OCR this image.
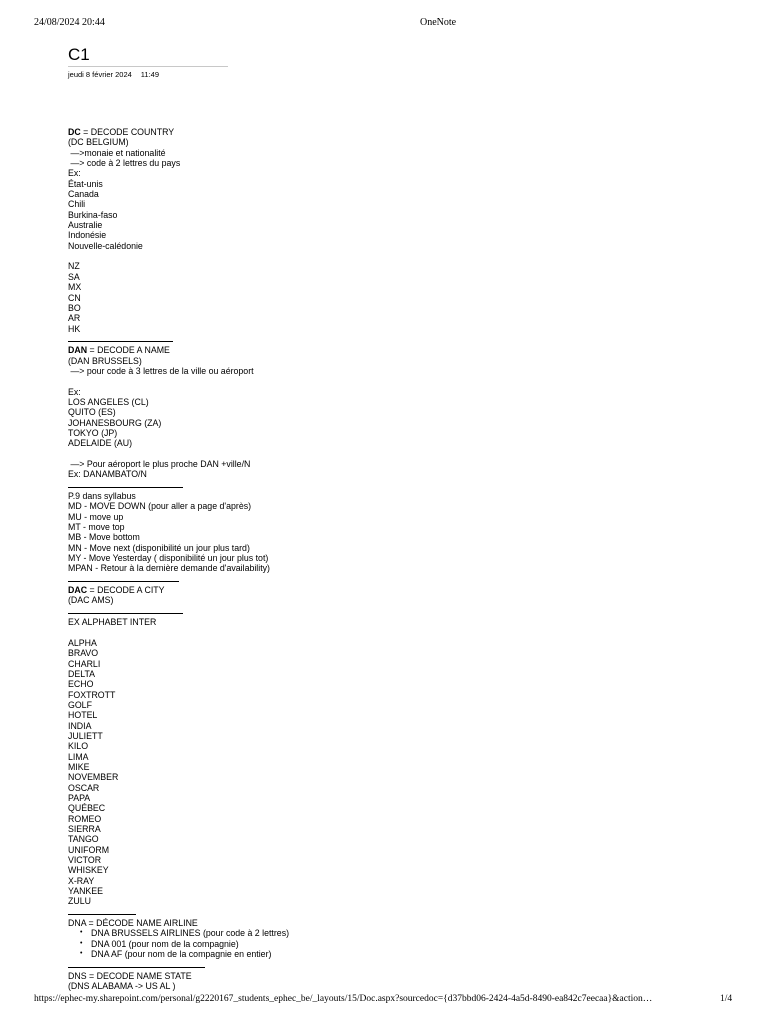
24/08/2024 20:44	OneNote
C1
jeudi 8 février 2024 11:49
DC = DECODE COUNTRY
(DC BELGIUM)
—>monaie et nationalité
—> code à 2 lettres du pays
Ex:
État-unis
Canada
Chili
Burkina-faso
Australie
Indonésie
Nouvelle-calédonie
NZ
SA
MX
CN
BO
AR
HK
DAN = DECODE A NAME
(DAN BRUSSELS)
—> pour code à 3 lettres de la ville ou aéroport
Ex:
LOS ANGELES (CL)
QUITO (ES)
JOHANESBOURG (ZA)
TOKYO (JP)
ADELAIDE (AU)
—> Pour aéroport le plus proche DAN +ville/N
Ex: DANAMBATO/N
P.9 dans syllabus
MD - MOVE DOWN (pour aller a page d'après)
MU - move up
MT - move top
MB - Move bottom
MN - Move next (disponibilité un jour plus tard)
MY - Move Yesterday ( disponibilité un jour plus tot)
MPAN - Retour à la dernière demande d'availability)
DAC = DECODE A CITY
(DAC AMS)
EX ALPHABET INTER
ALPHA
BRAVO
CHARLI
DELTA
ECHO
FOXTROTT
GOLF
HOTEL
INDIA
JULIETT
KILO
LIMA
MIKE
NOVEMBER
OSCAR
PAPA
QUÉBEC
ROMEO
SIERRA
TANGO
UNIFORM
VICTOR
WHISKEY
X-RAY
YANKEE
ZULU
DNA = DÉCODE NAME AIRLINE
• DNA BRUSSELS AIRLINES (pour code à 2 lettres)
• DNA 001 (pour nom de la compagnie)
• DNA AF (pour nom de la compagnie en entier)
DNS = DECODE NAME STATE
(DNS ALABAMA -> US AL )
https://ephec-my.sharepoint.com/personal/g2220167_students_ephec_be/_layouts/15/Doc.aspx?sourcedoc={d37bbd06-2424-4a5d-8490-ea842c7eecaa}&action…	1/4
